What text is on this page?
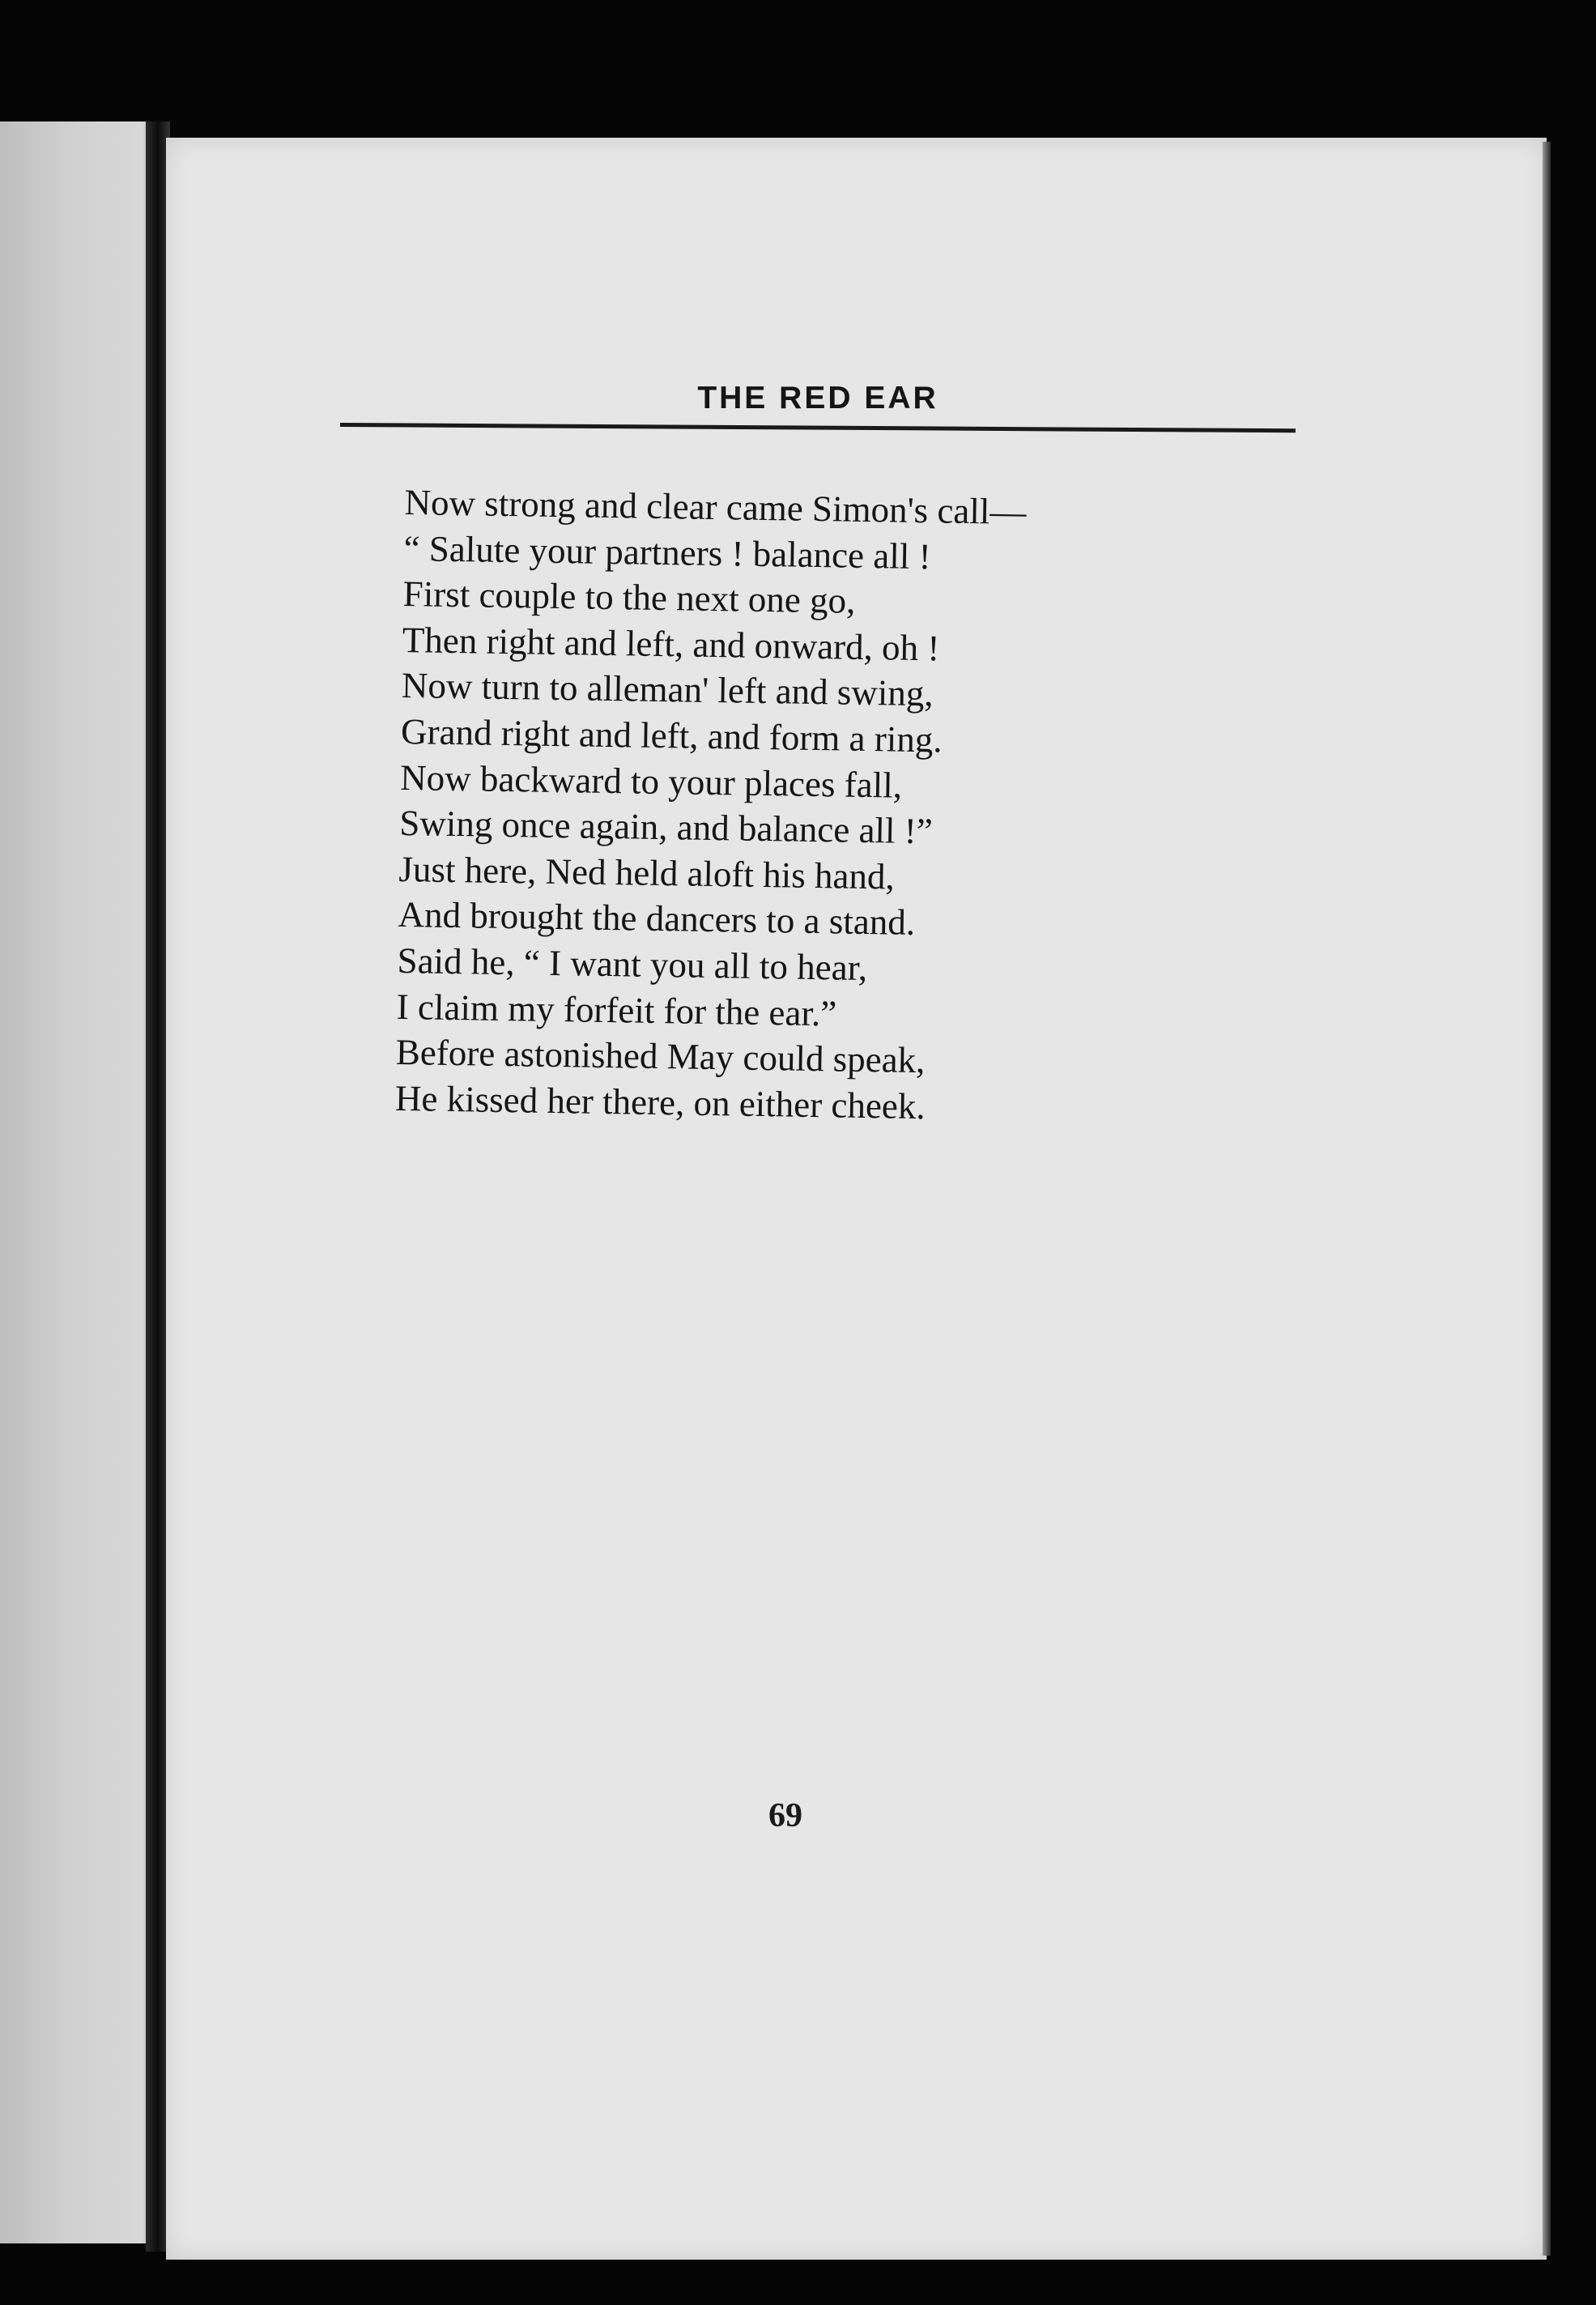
THE RED EAR
Now strong and clear came Simon's call—
“ Salute your partners ! balance all !
First couple to the next one go,
Then right and left, and onward, oh !
Now turn to alleman' left and swing,
Grand right and left, and form a ring.
Now backward to your places fall,
Swing once again, and balance all !”
Just here, Ned held aloft his hand,
And brought the dancers to a stand.
Said he, “ I want you all to hear,
I claim my forfeit for the ear.”
Before astonished May could speak,
He kissed her there, on either cheek.
69
